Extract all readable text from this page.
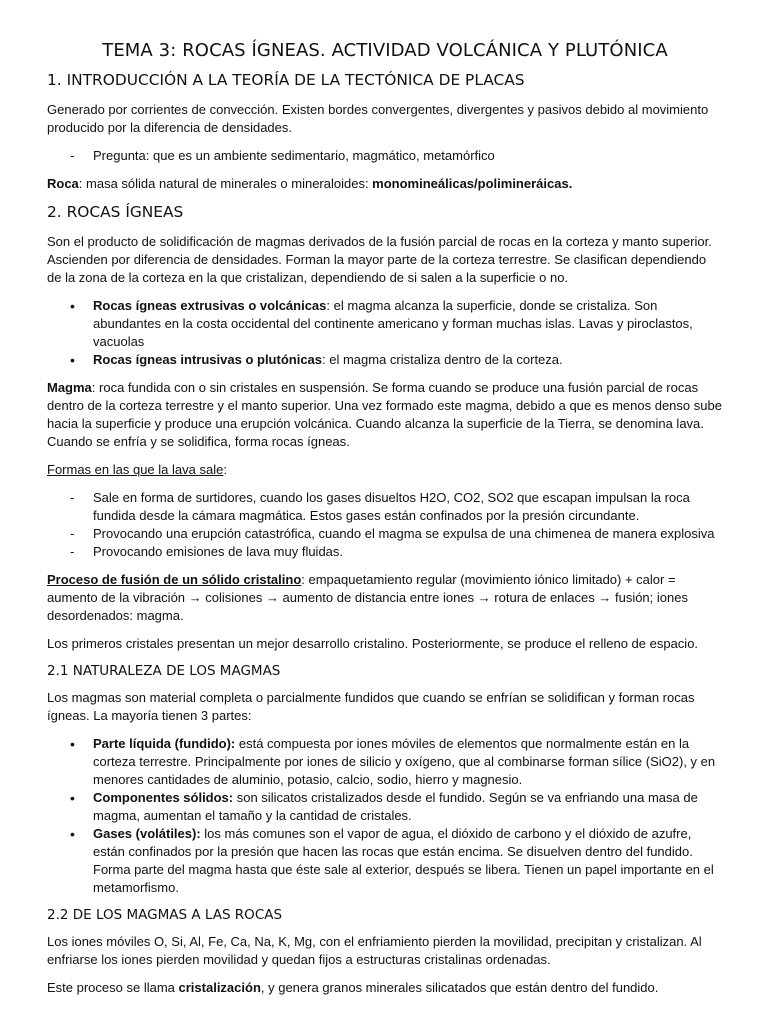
TEMA 3: ROCAS ÍGNEAS. ACTIVIDAD VOLCÁNICA Y PLUTÓNICA
1. INTRODUCCIÓN A LA TEORÍA DE LA TECTÓNICA DE PLACAS

Generado por corrientes de convección. Existen bordes convergentes, divergentes y pasivos debido al movimiento producido por la diferencia de densidades.

-	Pregunta: que es un ambiente sedimentario, magmático, metamórfico

Roca: masa sólida natural de minerales o mineraloides: monomineálicas/polimineráicas.

2. ROCAS ÍGNEAS

Son el producto de solidificación de magmas derivados de la fusión parcial de rocas en la corteza y manto superior. Ascienden por diferencia de densidades. Forman la mayor parte de la corteza terrestre. Se clasifican dependiendo de la zona de la corteza en la que cristalizan, dependiendo de si salen a la superficie o no.

•	Rocas ígneas extrusivas o volcánicas: el magma alcanza la superficie, donde se cristaliza. Son abundantes en la costa occidental del continente americano y forman muchas islas. Lavas y piroclastos, vacuolas
•	Rocas ígneas intrusivas o plutónicas: el magma cristaliza dentro de la corteza.

Magma: roca fundida con o sin cristales en suspensión. Se forma cuando se produce una fusión parcial de rocas dentro de la corteza terrestre y el manto superior. Una vez formado este magma, debido a que es menos denso sube hacia la superficie y produce una erupción volcánica. Cuando alcanza la superficie de la Tierra, se denomina lava. Cuando se enfría y se solidifica, forma rocas ígneas.

Formas en las que la lava sale:

-	Sale en forma de surtidores, cuando los gases disueltos H2O, CO2, SO2 que escapan impulsan la roca fundida desde la cámara magmática. Estos gases están confinados por la presión circundante.
-	Provocando una erupción catastrófica, cuando el magma se expulsa de una chimenea de manera explosiva
-	Provocando emisiones de lava muy fluidas.

Proceso de fusión de un sólido cristalino: empaquetamiento regular (movimiento iónico limitado) + calor = aumento de la vibración → colisiones → aumento de distancia entre iones → rotura de enlaces → fusión; iones desordenados: magma.

Los primeros cristales presentan un mejor desarrollo cristalino. Posteriormente, se produce el relleno de espacio.

2.1 NATURALEZA DE LOS MAGMAS

Los magmas son material completa o parcialmente fundidos que cuando se enfrían se solidifican y forman rocas ígneas. La mayoría tienen 3 partes:

•	Parte líquida (fundido): está compuesta por iones móviles de elementos que normalmente están en la corteza terrestre. Principalmente por iones de silicio y oxígeno, que al combinarse forman sílice (SiO2), y en menores cantidades de aluminio, potasio, calcio, sodio, hierro y magnesio.
•	Componentes sólidos: son silicatos cristalizados desde el fundido. Según se va enfriando una masa de magma, aumentan el tamaño y la cantidad de cristales.
•	Gases (volátiles): los más comunes son el vapor de agua, el dióxido de carbono y el dióxido de azufre, están confinados por la presión que hacen las rocas que están encima. Se disuelven dentro del fundido. Forma parte del magma hasta que éste sale al exterior, después se libera. Tienen un papel importante en el metamorfismo.
2.2 DE LOS MAGMAS A LAS ROCAS

Los iones móviles O, Si, Al, Fe, Ca, Na, K, Mg, con el enfriamiento pierden la movilidad, precipitan y cristalizan. Al enfriarse los iones pierden movilidad y quedan fijos a estructuras cristalinas ordenadas.

Este proceso se llama cristalización, y genera granos minerales silicatados que están dentro del fundido.
